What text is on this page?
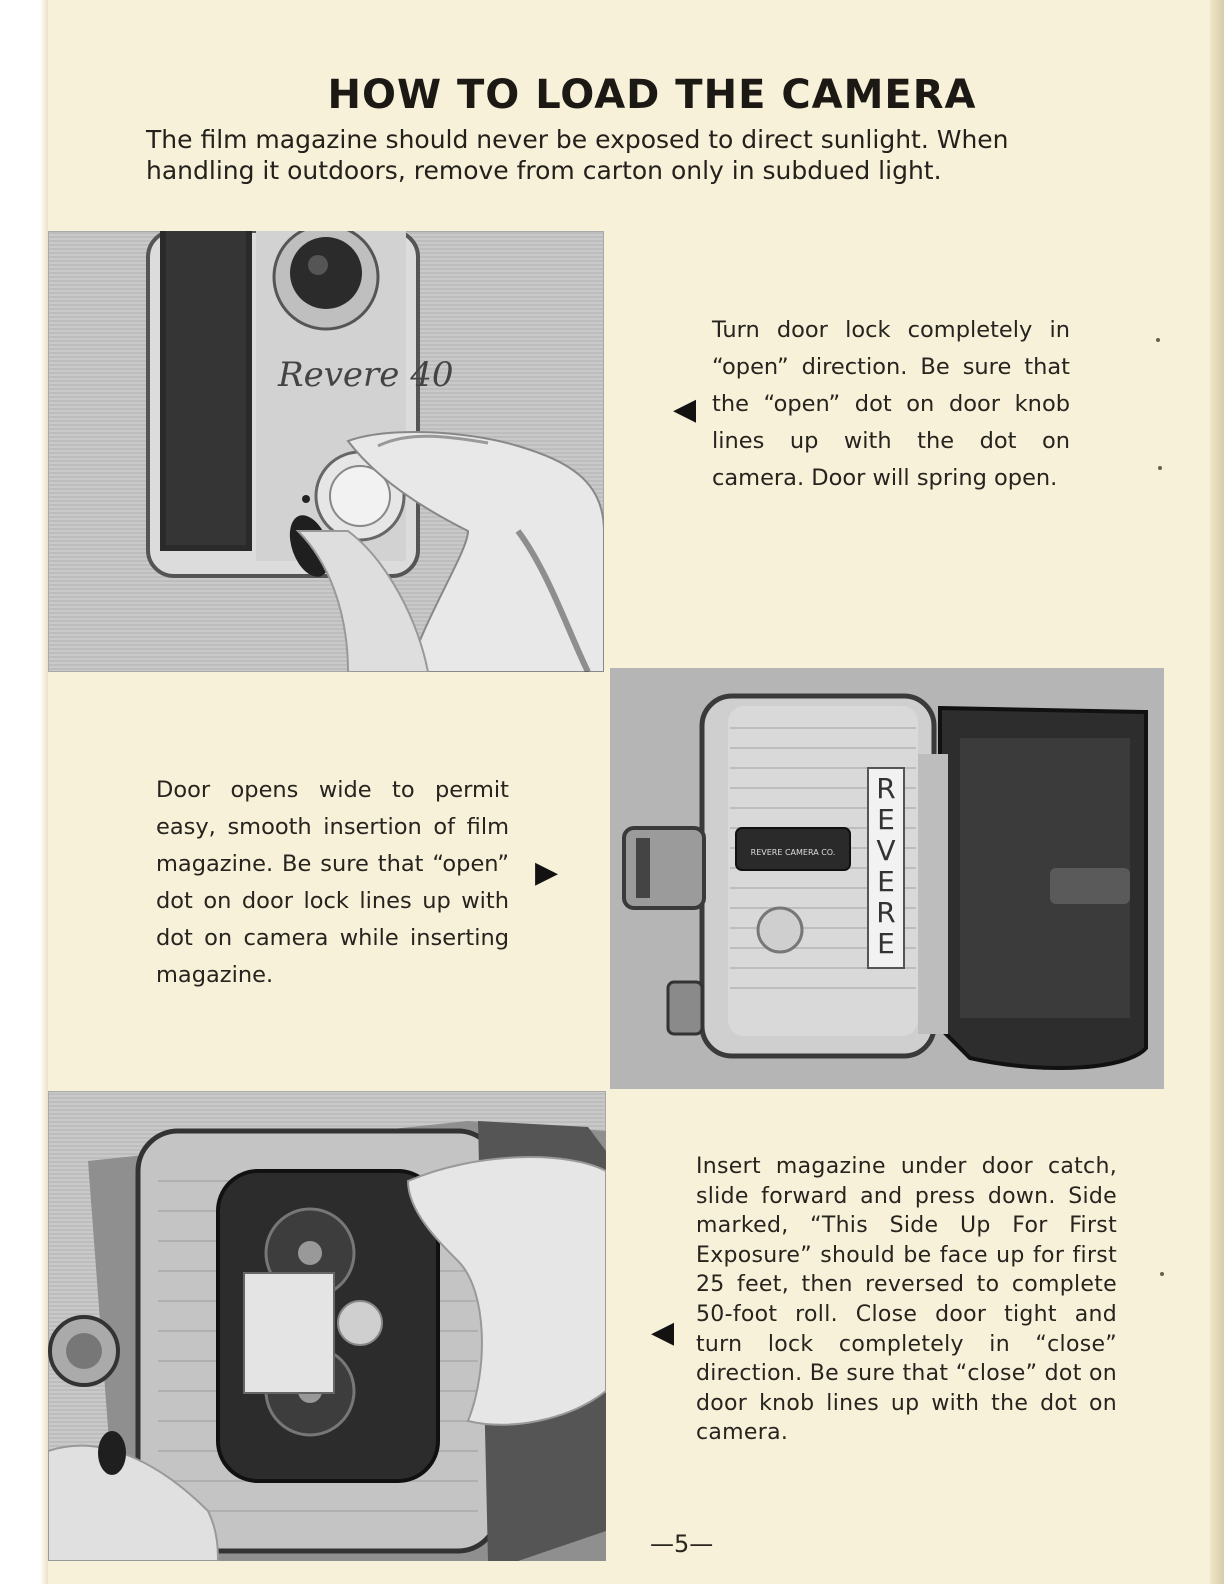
HOW TO LOAD THE CAMERA
The film magazine should never be exposed to direct sunlight. When handling it outdoors, remove from carton only in subdued light.
Revere 40
Turn door lock completely in “open” direction. Be sure that the “open” dot on door knob lines up with the dot on camera. Door will spring open.
◀
Door opens wide to permit easy, smooth insertion of film magazine. Be sure that “open” dot on door lock lines up with dot on camera while inserting magazine.
▶
REVERE CAMERA CO.
R E V E R E
Insert magazine under door catch, slide forward and press down. Side marked, “This Side Up For First Exposure” should be face up for first 25 feet, then reversed to complete 50-foot roll. Close door tight and turn lock completely in “close” direction. Be sure that “close” dot on door knob lines up with the dot on camera.
◀
—5—
